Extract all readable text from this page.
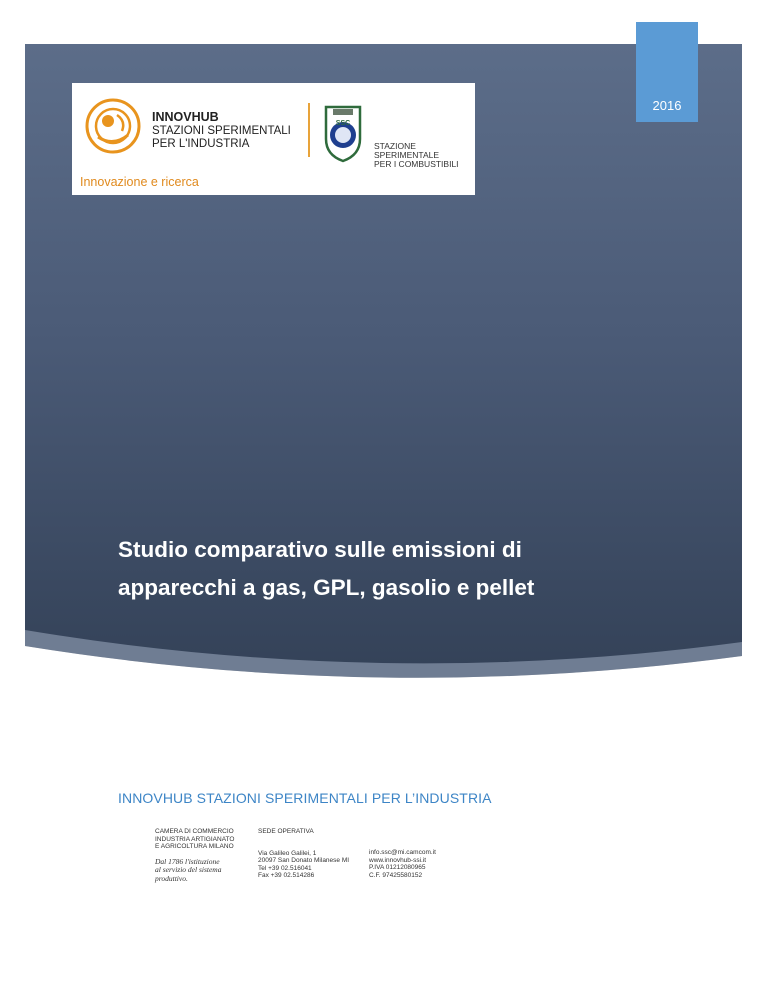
2016
INNOVHUB
STAZIONI SPERIMENTALI
PER L'INDUSTRIA
SSC
STAZIONE SPERIMENTALE
PER I COMBUSTIBILI
Innovazione e ricerca
Studio comparativo sulle emissioni di
apparecchi a gas, GPL, gasolio e pellet
INNOVHUB STAZIONI SPERIMENTALI PER L’INDUSTRIA
CAMERA DI COMMERCIO
INDUSTRIA ARTIGIANATO
E AGRICOLTURA MILANO
Dal 1786 l'istituzione
al servizio del sistema
produttivo.
SEDE OPERATIVA
Via Galileo Galilei, 1
20097 San Donato Milanese MI
Tel +39 02.516041
Fax +39 02.514286
info.ssc@mi.camcom.it
www.innovhub-ssi.it
P.IVA 01212080965
C.F. 97425580152
